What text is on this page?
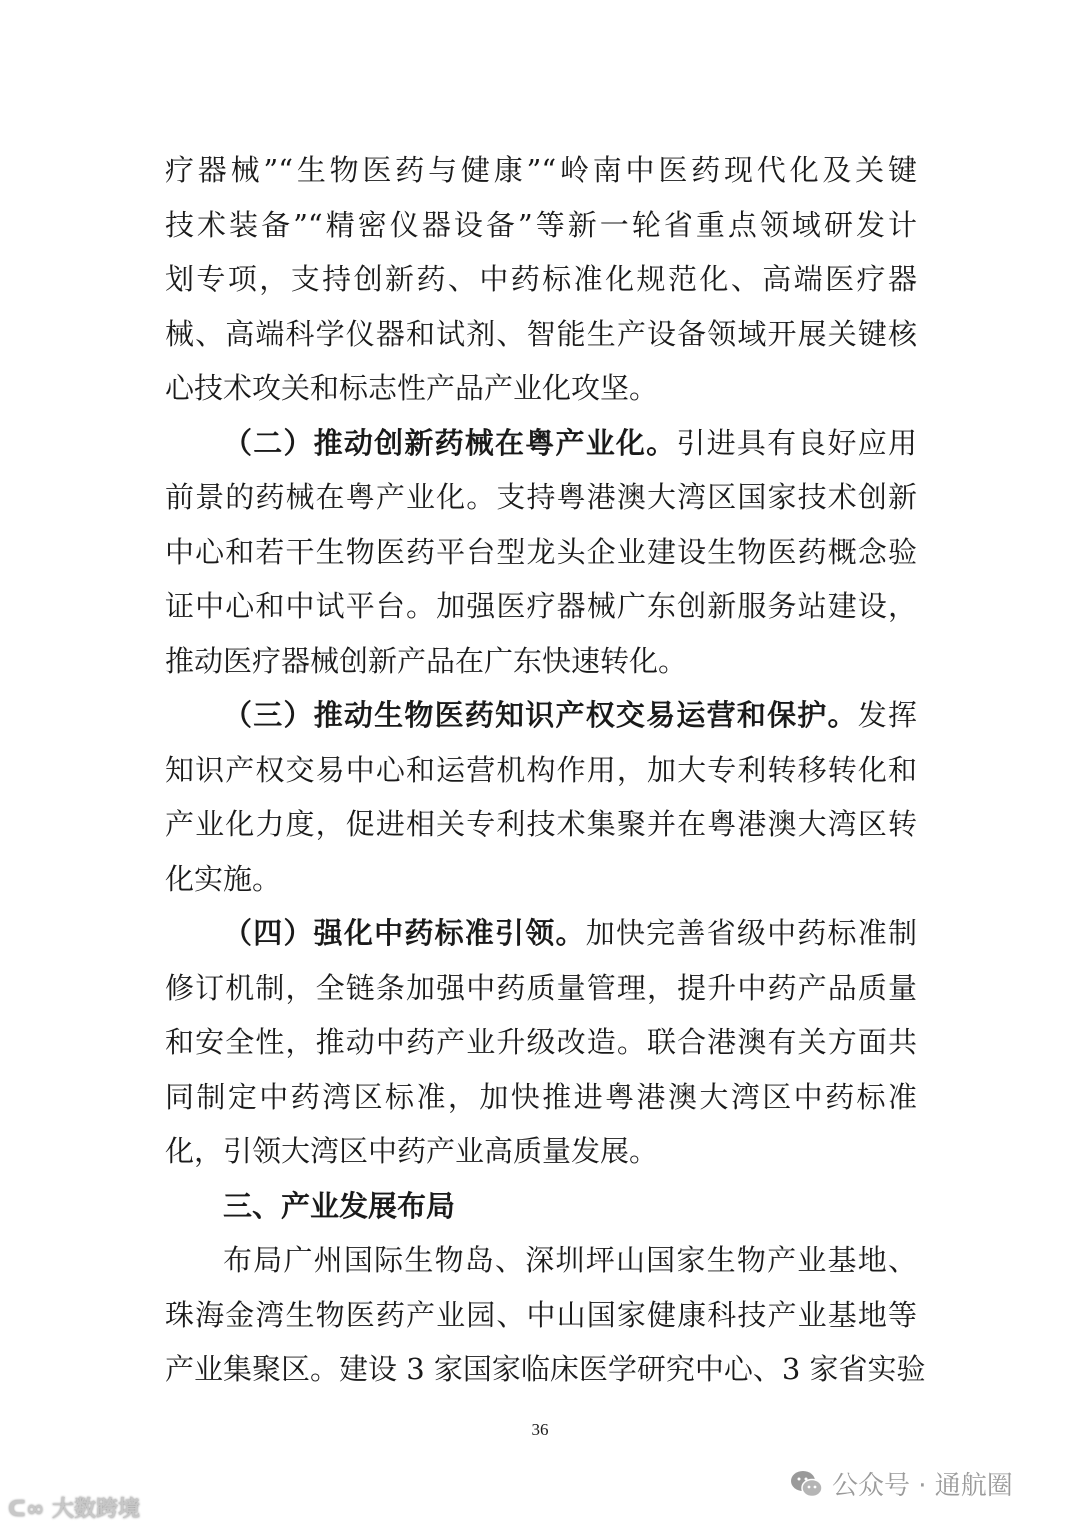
疗器械”“生物医药与健康”“岭南中医药现代化及关键
技术装备”“精密仪器设备”等新一轮省重点领域研发计
划专项，支持创新药、中药标准化规范化、高端医疗器
械、高端科学仪器和试剂、智能生产设备领域开展关键核
心技术攻关和标志性产品产业化攻坚。
（二）推动创新药械在粤产业化。引进具有良好应用
前景的药械在粤产业化。支持粤港澳大湾区国家技术创新
中心和若干生物医药平台型龙头企业建设生物医药概念验
证中心和中试平台。加强医疗器械广东创新服务站建设，
推动医疗器械创新产品在广东快速转化。
（三）推动生物医药知识产权交易运营和保护。发挥
知识产权交易中心和运营机构作用，加大专利转移转化和
产业化力度，促进相关专利技术集聚并在粤港澳大湾区转
化实施。
（四）强化中药标准引领。加快完善省级中药标准制
修订机制，全链条加强中药质量管理，提升中药产品质量
和安全性，推动中药产业升级改造。联合港澳有关方面共
同制定中药湾区标准，加快推进粤港澳大湾区中药标准
化，引领大湾区中药产业高质量发展。
三、产业发展布局
布局广州国际生物岛、深圳坪山国家生物产业基地、
珠海金湾生物医药产业园、中山国家健康科技产业基地等
产业集聚区。建设 3 家国家临床医学研究中心、3 家省实验
36
公众号 · 通航圈
ᑕ∞ 大数跨境
